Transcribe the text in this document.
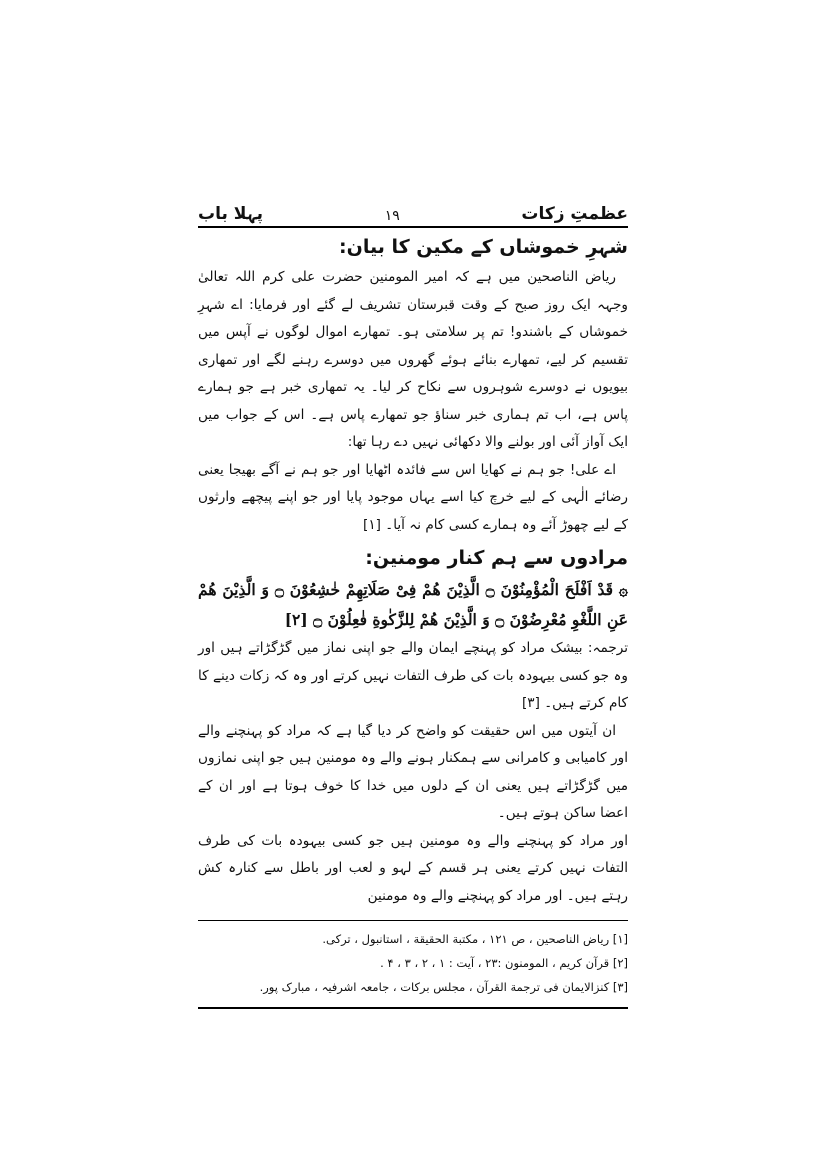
عظمتِ زکات
۱۹
پہلا باب
شہرِ خموشاں کے مکین کا بیان:

ریاض الناصحین میں ہے کہ امیر المومنین حضرت علی کرم اللہ تعالیٰ وجہہ ایک روز صبح کے وقت قبرستان تشریف لے گئے اور فرمایا: اے شہرِ خموشاں کے باشندو! تم پر سلامتی ہو۔ تمھارے اموال لوگوں نے آپس میں تقسیم کر لیے، تمھارے بنائے ہوئے گھروں میں دوسرے رہنے لگے اور تمھاری بیویوں نے دوسرے شوہروں سے نکاح کر لیا۔ یہ تمھاری خبر ہے جو ہمارے پاس ہے، اب تم ہماری خبر سناؤ جو تمھارے پاس ہے۔ اس کے جواب میں ایک آواز آئی اور بولنے والا دکھائی نہیں دے رہا تھا:

اے علی! جو ہم نے کھایا اس سے فائدہ اٹھایا اور جو ہم نے آگے بھیجا یعنی رضائے الٰہی کے لیے خرچ کیا اسے یہاں موجود پایا اور جو اپنے پیچھے وارثوں کے لیے چھوڑ آئے وہ ہمارے کسی کام نہ آیا۔ [۱]

مرادوں سے ہم کنار مومنین:

۞ قَدْ اَفْلَحَ الْمُؤْمِنُوْنَ ۝ الَّذِیْنَ هُمْ فِیْ صَلَاتِهِمْ خٰشِعُوْنَ ۝ وَ الَّذِیْنَ هُمْ عَنِ اللَّغْوِ مُعْرِضُوْنَ ۝ وَ الَّذِیْنَ هُمْ لِلزَّكٰوةِ فٰعِلُوْنَ ۝ [۲]

ترجمہ: بیشک مراد کو پہنچے ایمان والے جو اپنی نماز میں گڑگڑاتے ہیں اور وہ جو کسی بیہودہ بات کی طرف التفات نہیں کرتے اور وہ کہ زکات دینے کا کام کرتے ہیں۔ [۳]

ان آیتوں میں اس حقیقت کو واضح کر دیا گیا ہے کہ مراد کو پہنچنے والے اور کامیابی و کامرانی سے ہمکنار ہونے والے وہ مومنین ہیں جو اپنی نمازوں میں گڑگڑاتے ہیں یعنی ان کے دلوں میں خدا کا خوف ہوتا ہے اور ان کے اعضا ساکن ہوتے ہیں۔

اور مراد کو پہنچنے والے وہ مومنین ہیں جو کسی بیہودہ بات کی طرف التفات نہیں کرتے یعنی ہر قسم کے لہو و لعب اور باطل سے کنارہ کش رہتے ہیں۔ اور مراد کو پہنچنے والے وہ مومنین

[۱] ریاض الناصحین ، ص ۱۲۱ ، مکتبة الحقیقة ، استانبول ، ترکی.

[۲] قرآن کریم ، المومنون :۲۳ ، آیت : ۱ ، ۲ ، ۳ ، ۴ .

[۳] کنزالایمان فی ترجمة القرآن ، مجلس برکات ، جامعہ اشرفیہ ، مبارک پور.
